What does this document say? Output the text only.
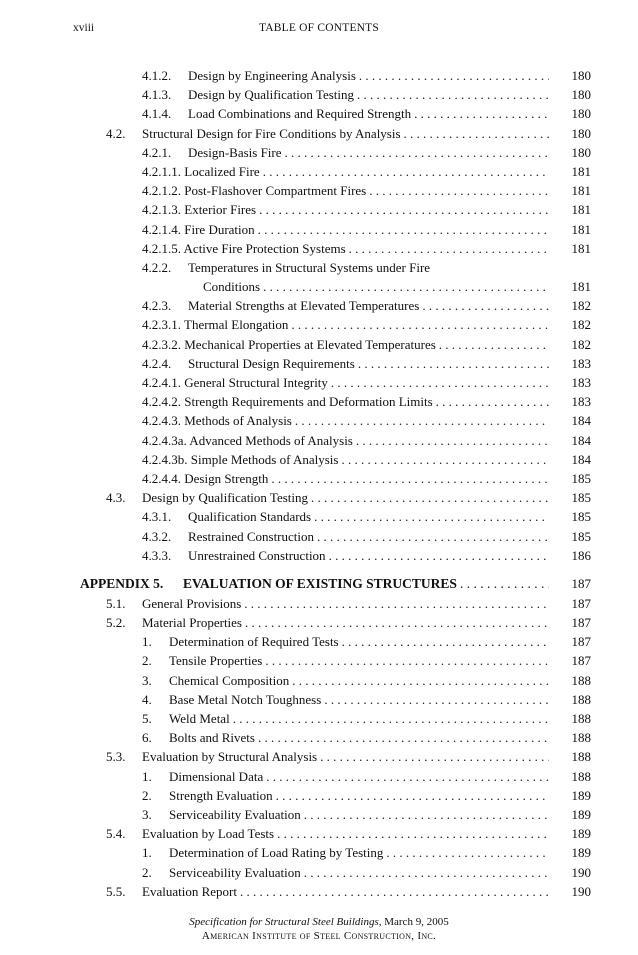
xviii	TABLE OF CONTENTS
4.1.2. Design by Engineering Analysis . . .	180
4.1.3. Design by Qualification Testing . . .	180
4.1.4. Load Combinations and Required Strength . . .	180
4.2. Structural Design for Fire Conditions by Analysis . . .	180
4.2.1. Design-Basis Fire . . .	180
4.2.1.1. Localized Fire . . .	181
4.2.1.2. Post-Flashover Compartment Fires . . .	181
4.2.1.3. Exterior Fires . . .	181
4.2.1.4. Fire Duration . . .	181
4.2.1.5. Active Fire Protection Systems . . .	181
4.2.2. Temperatures in Structural Systems under Fire
Conditions . . .	181
4.2.3. Material Strengths at Elevated Temperatures . . .	182
4.2.3.1. Thermal Elongation . . .	182
4.2.3.2. Mechanical Properties at Elevated Temperatures . . .	182
4.2.4. Structural Design Requirements . . .	183
4.2.4.1. General Structural Integrity . . .	183
4.2.4.2. Strength Requirements and Deformation Limits . . .	183
4.2.4.3. Methods of Analysis . . .	184
4.2.4.3a. Advanced Methods of Analysis . . .	184
4.2.4.3b. Simple Methods of Analysis . . .	184
4.2.4.4. Design Strength . . .	185
4.3. Design by Qualification Testing . . .	185
4.3.1. Qualification Standards . . .	185
4.3.2. Restrained Construction . . .	185
4.3.3. Unrestrained Construction . . .	186
APPENDIX 5. EVALUATION OF EXISTING STRUCTURES . . .	187
5.1. General Provisions . . .	187
5.2. Material Properties . . .	187
1. Determination of Required Tests . . .	187
2. Tensile Properties . . .	187
3. Chemical Composition . . .	188
4. Base Metal Notch Toughness . . .	188
5. Weld Metal . . .	188
6. Bolts and Rivets . . .	188
5.3. Evaluation by Structural Analysis . . .	188
1. Dimensional Data . . .	188
2. Strength Evaluation . . .	189
3. Serviceability Evaluation . . .	189
5.4. Evaluation by Load Tests . . .	189
1. Determination of Load Rating by Testing . . .	189
2. Serviceability Evaluation . . .	190
5.5. Evaluation Report . . .	190
Specification for Structural Steel Buildings, March 9, 2005
American Institute of Steel Construction, Inc.
